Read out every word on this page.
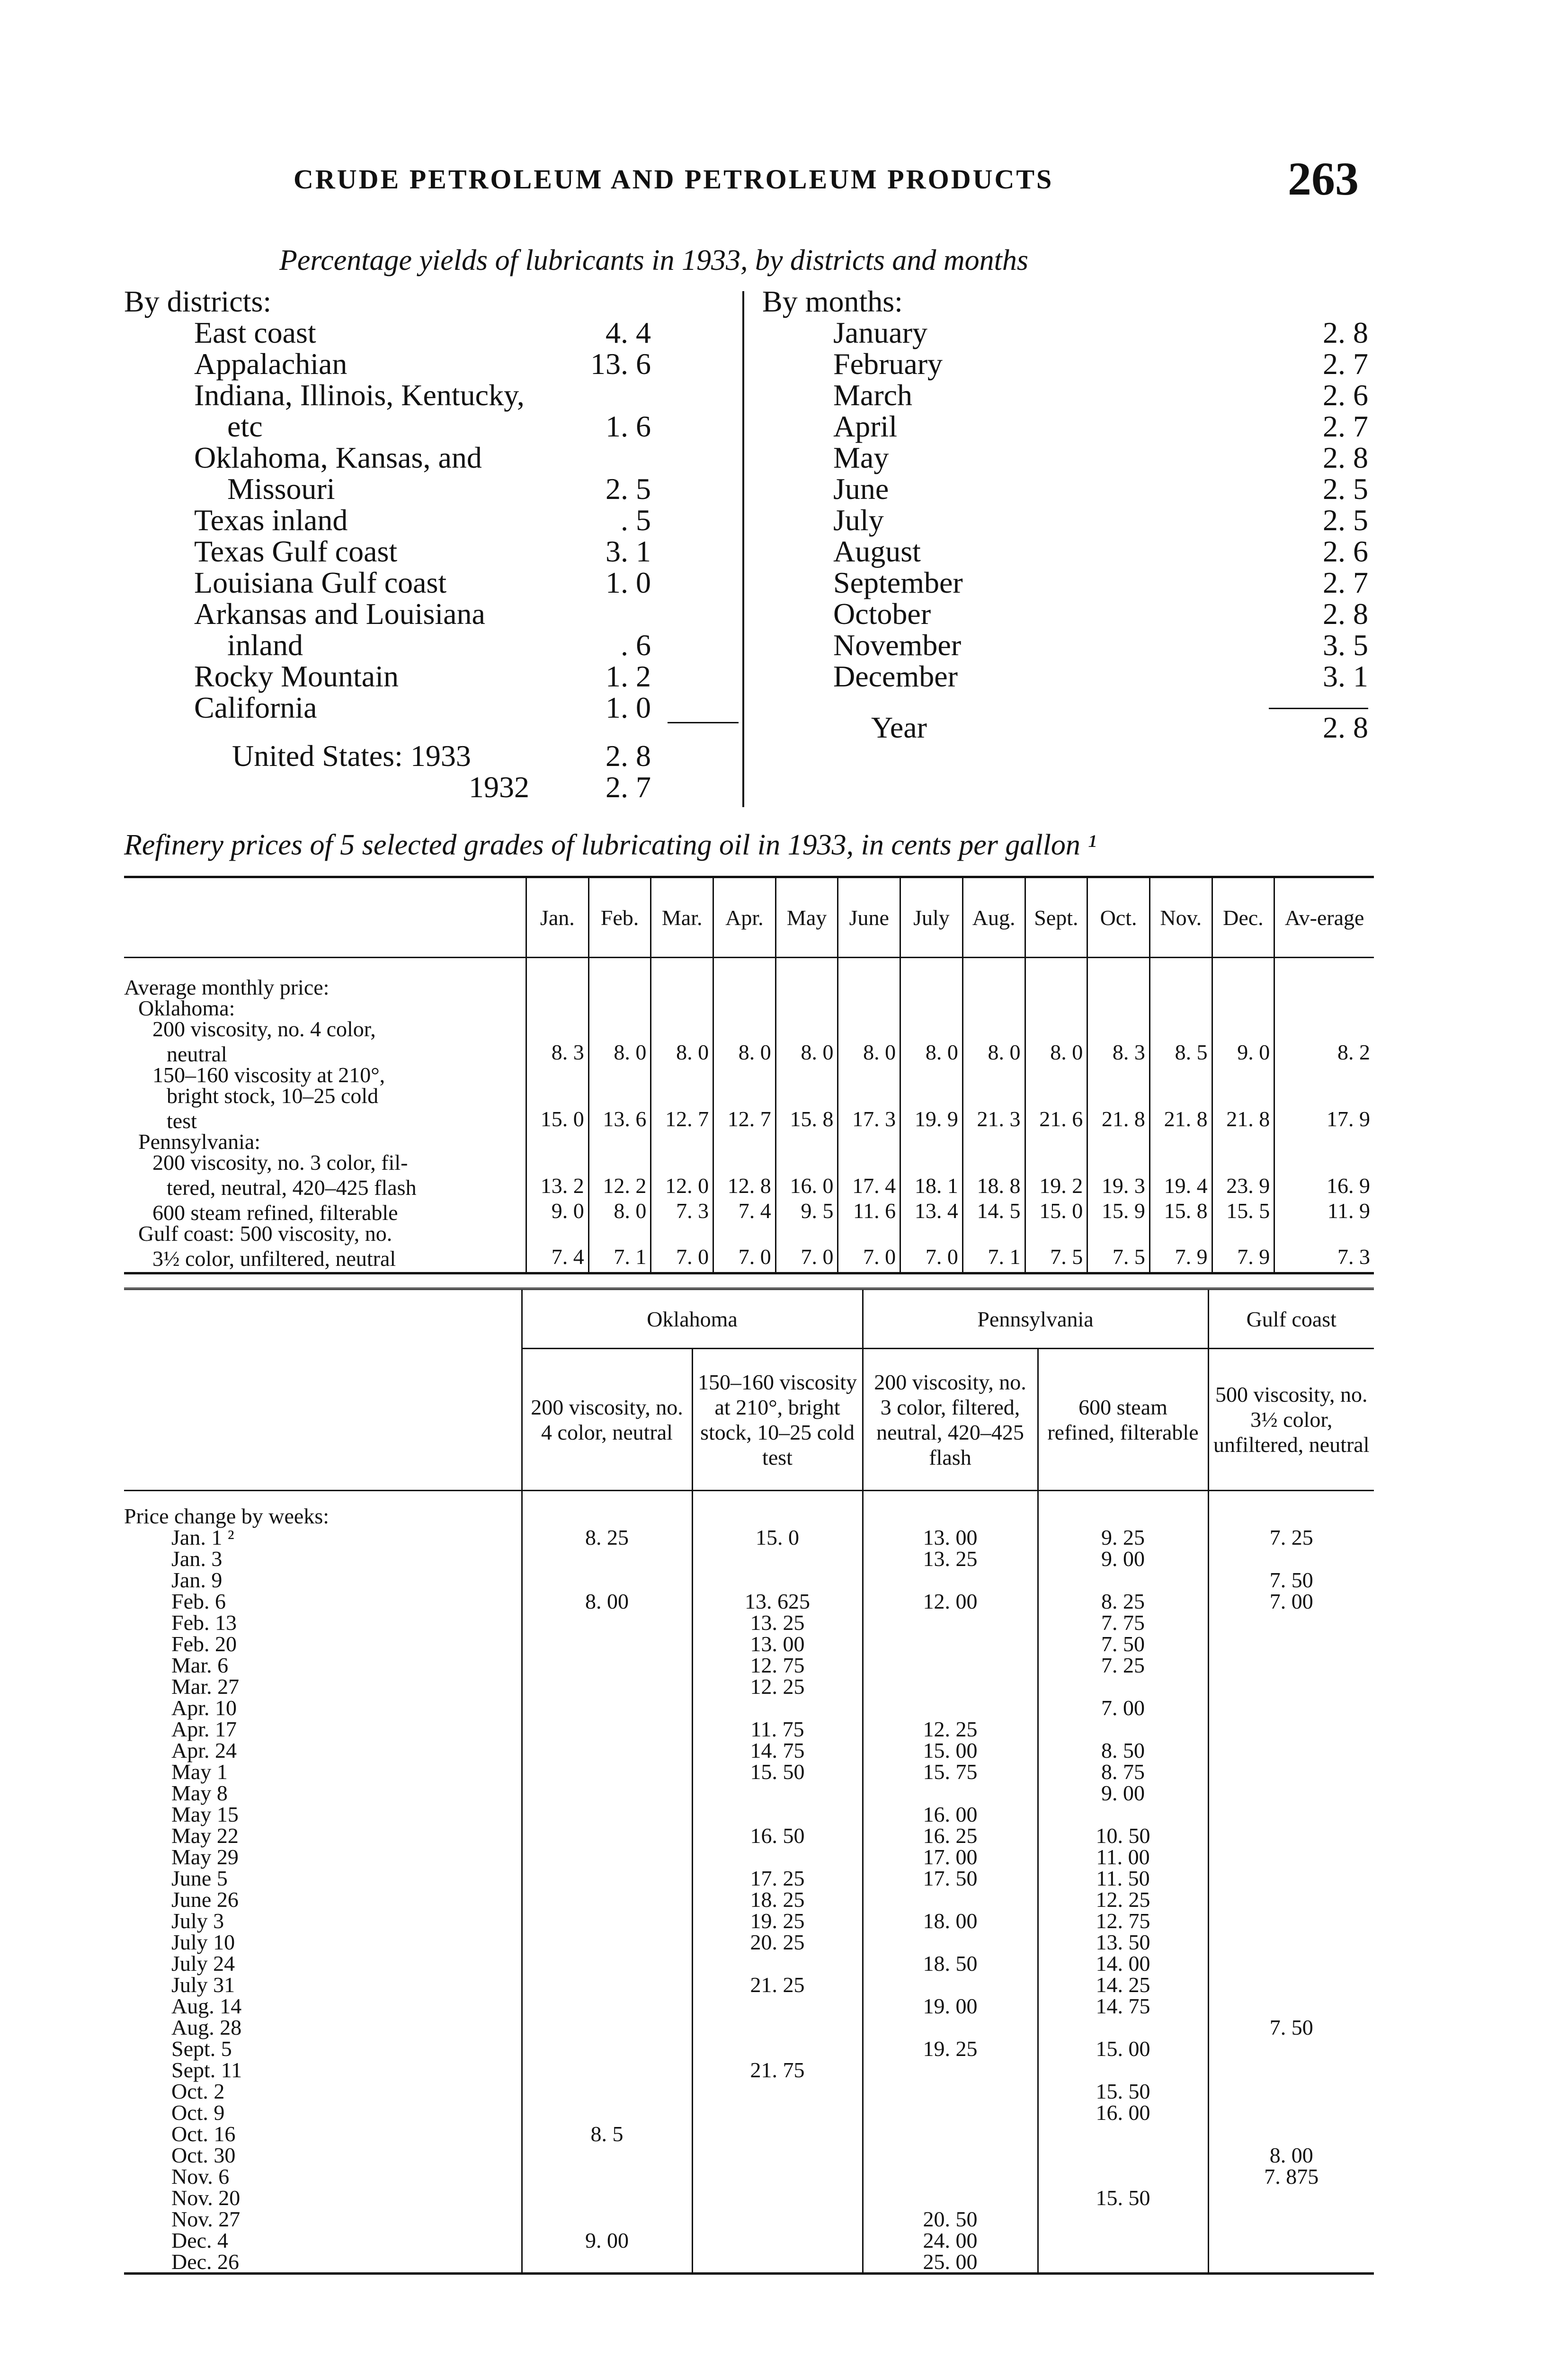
CRUDE PETROLEUM AND PETROLEUM PRODUCTS	263
Percentage yields of lubricants in 1933, by districts and months
By districts:
East coast	4. 4
Appalachian	13. 6
Indiana, Illinois, Kentucky,
etc	1. 6
Oklahoma, Kansas, and
Missouri	2. 5
Texas inland	. 5
Texas Gulf coast	3. 1
Louisiana Gulf coast	1. 0
Arkansas and Louisiana
inland	. 6
Rocky Mountain	1. 2
California	1. 0
United States: 1933	2. 8
1932	2. 7
By months:
January	2. 8
February	2. 7
March	2. 6
April	2. 7
May	2. 8
June	2. 5
July	2. 5
August	2. 6
September	2. 7
October	2. 8
November	3. 5
December	3. 1
Year	2. 8
Refinery prices of 5 selected grades of lubricating oil in 1933, in cents per gallon ¹
	Jan.	Feb.	Mar.	Apr.	May	June	July	Aug.	Sept.	Oct.	Nov.	Dec.	Av-erage
Average monthly price:													
Oklahoma:													
200 viscosity, no. 4 color,													
neutral	8. 3	8. 0	8. 0	8. 0	8. 0	8. 0	8. 0	8. 0	8. 0	8. 3	8. 5	9. 0	8. 2
150–160 viscosity at 210°,													
bright stock, 10–25 cold													
test	15. 0	13. 6	12. 7	12. 7	15. 8	17. 3	19. 9	21. 3	21. 6	21. 8	21. 8	21. 8	17. 9
Pennsylvania:													
200 viscosity, no. 3 color, fil-													
tered, neutral, 420–425 flash	13. 2	12. 2	12. 0	12. 8	16. 0	17. 4	18. 1	18. 8	19. 2	19. 3	19. 4	23. 9	16. 9
600 steam refined, filterable	9. 0	8. 0	7. 3	7. 4	9. 5	11. 6	13. 4	14. 5	15. 0	15. 9	15. 8	15. 5	11. 9
Gulf coast: 500 viscosity, no.													
3½ color, unfiltered, neutral	7. 4	7. 1	7. 0	7. 0	7. 0	7. 0	7. 0	7. 1	7. 5	7. 5	7. 9	7. 9	7. 3
	Oklahoma		Pennsylvania		Gulf coast
	200 viscosity, no. 4 color, neutral	150–160 viscosity at 210°, bright stock, 10–25 cold test	200 viscosity, no. 3 color, filtered, neutral, 420–425 flash	600 steam refined, filterable	500 viscosity, no. 3½ color, unfiltered, neutral
Price change by weeks:					
Jan. 1 ²	8. 25	15. 0	13. 00	9. 25	7. 25
Jan. 3			13. 25	9. 00	
Jan. 9					7. 50
Feb. 6	8. 00	13. 625	12. 00	8. 25	7. 00
Feb. 13		13. 25		7. 75	
Feb. 20		13. 00		7. 50	
Mar. 6		12. 75		7. 25	
Mar. 27		12. 25			
Apr. 10				7. 00	
Apr. 17		11. 75	12. 25		
Apr. 24		14. 75	15. 00	8. 50	
May 1		15. 50	15. 75	8. 75	
May 8				9. 00	
May 15			16. 00		
May 22		16. 50	16. 25	10. 50	
May 29			17. 00	11. 00	
June 5		17. 25	17. 50	11. 50	
June 26		18. 25		12. 25	
July 3		19. 25	18. 00	12. 75	
July 10		20. 25		13. 50	
July 24			18. 50	14. 00	
July 31		21. 25		14. 25	
Aug. 14			19. 00	14. 75	
Aug. 28					7. 50
Sept. 5			19. 25	15. 00	
Sept. 11		21. 75			
Oct. 2				15. 50	
Oct. 9				16. 00	
Oct. 16	8. 5				
Oct. 30					8. 00
Nov. 6					7. 875
Nov. 20				15. 50	
Nov. 27			20. 50		
Dec. 4	9. 00		24. 00		
Dec. 26			25. 00		
